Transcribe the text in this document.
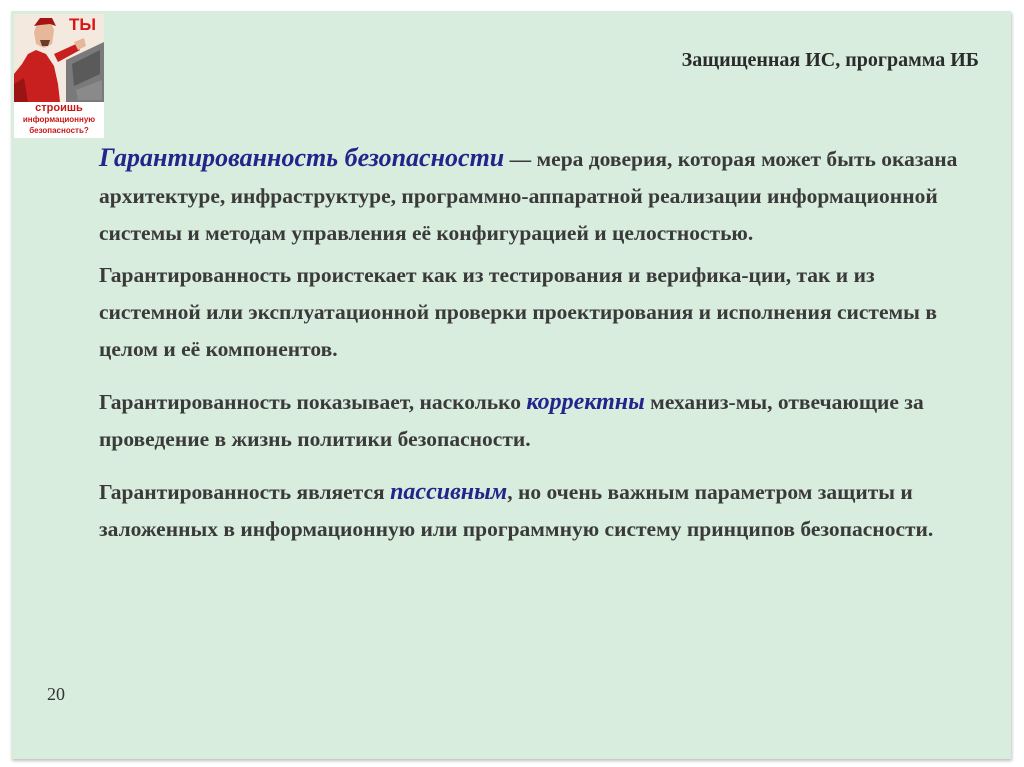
ТЫ
строишь
информационную
безопасность?
Защищенная ИС, программа ИБ

Гарантированность безопасности — мера доверия, которая может быть оказана архитектуре, инфраструктуре, программно-аппаратной реализации информационной системы и методам управления её конфигурацией и целостностью.

Гарантированность проистекает как из тестирования и верифика-ции, так и из системной или эксплуатационной проверки проектирования и исполнения системы в целом и её компонентов.

Гарантированность показывает, насколько корректны механиз-мы, отвечающие за проведение в жизнь политики безопасности.

Гарантированность является пассивным, но очень важным параметром защиты и заложенных в информационную или программную систему принципов безопасности.

20
